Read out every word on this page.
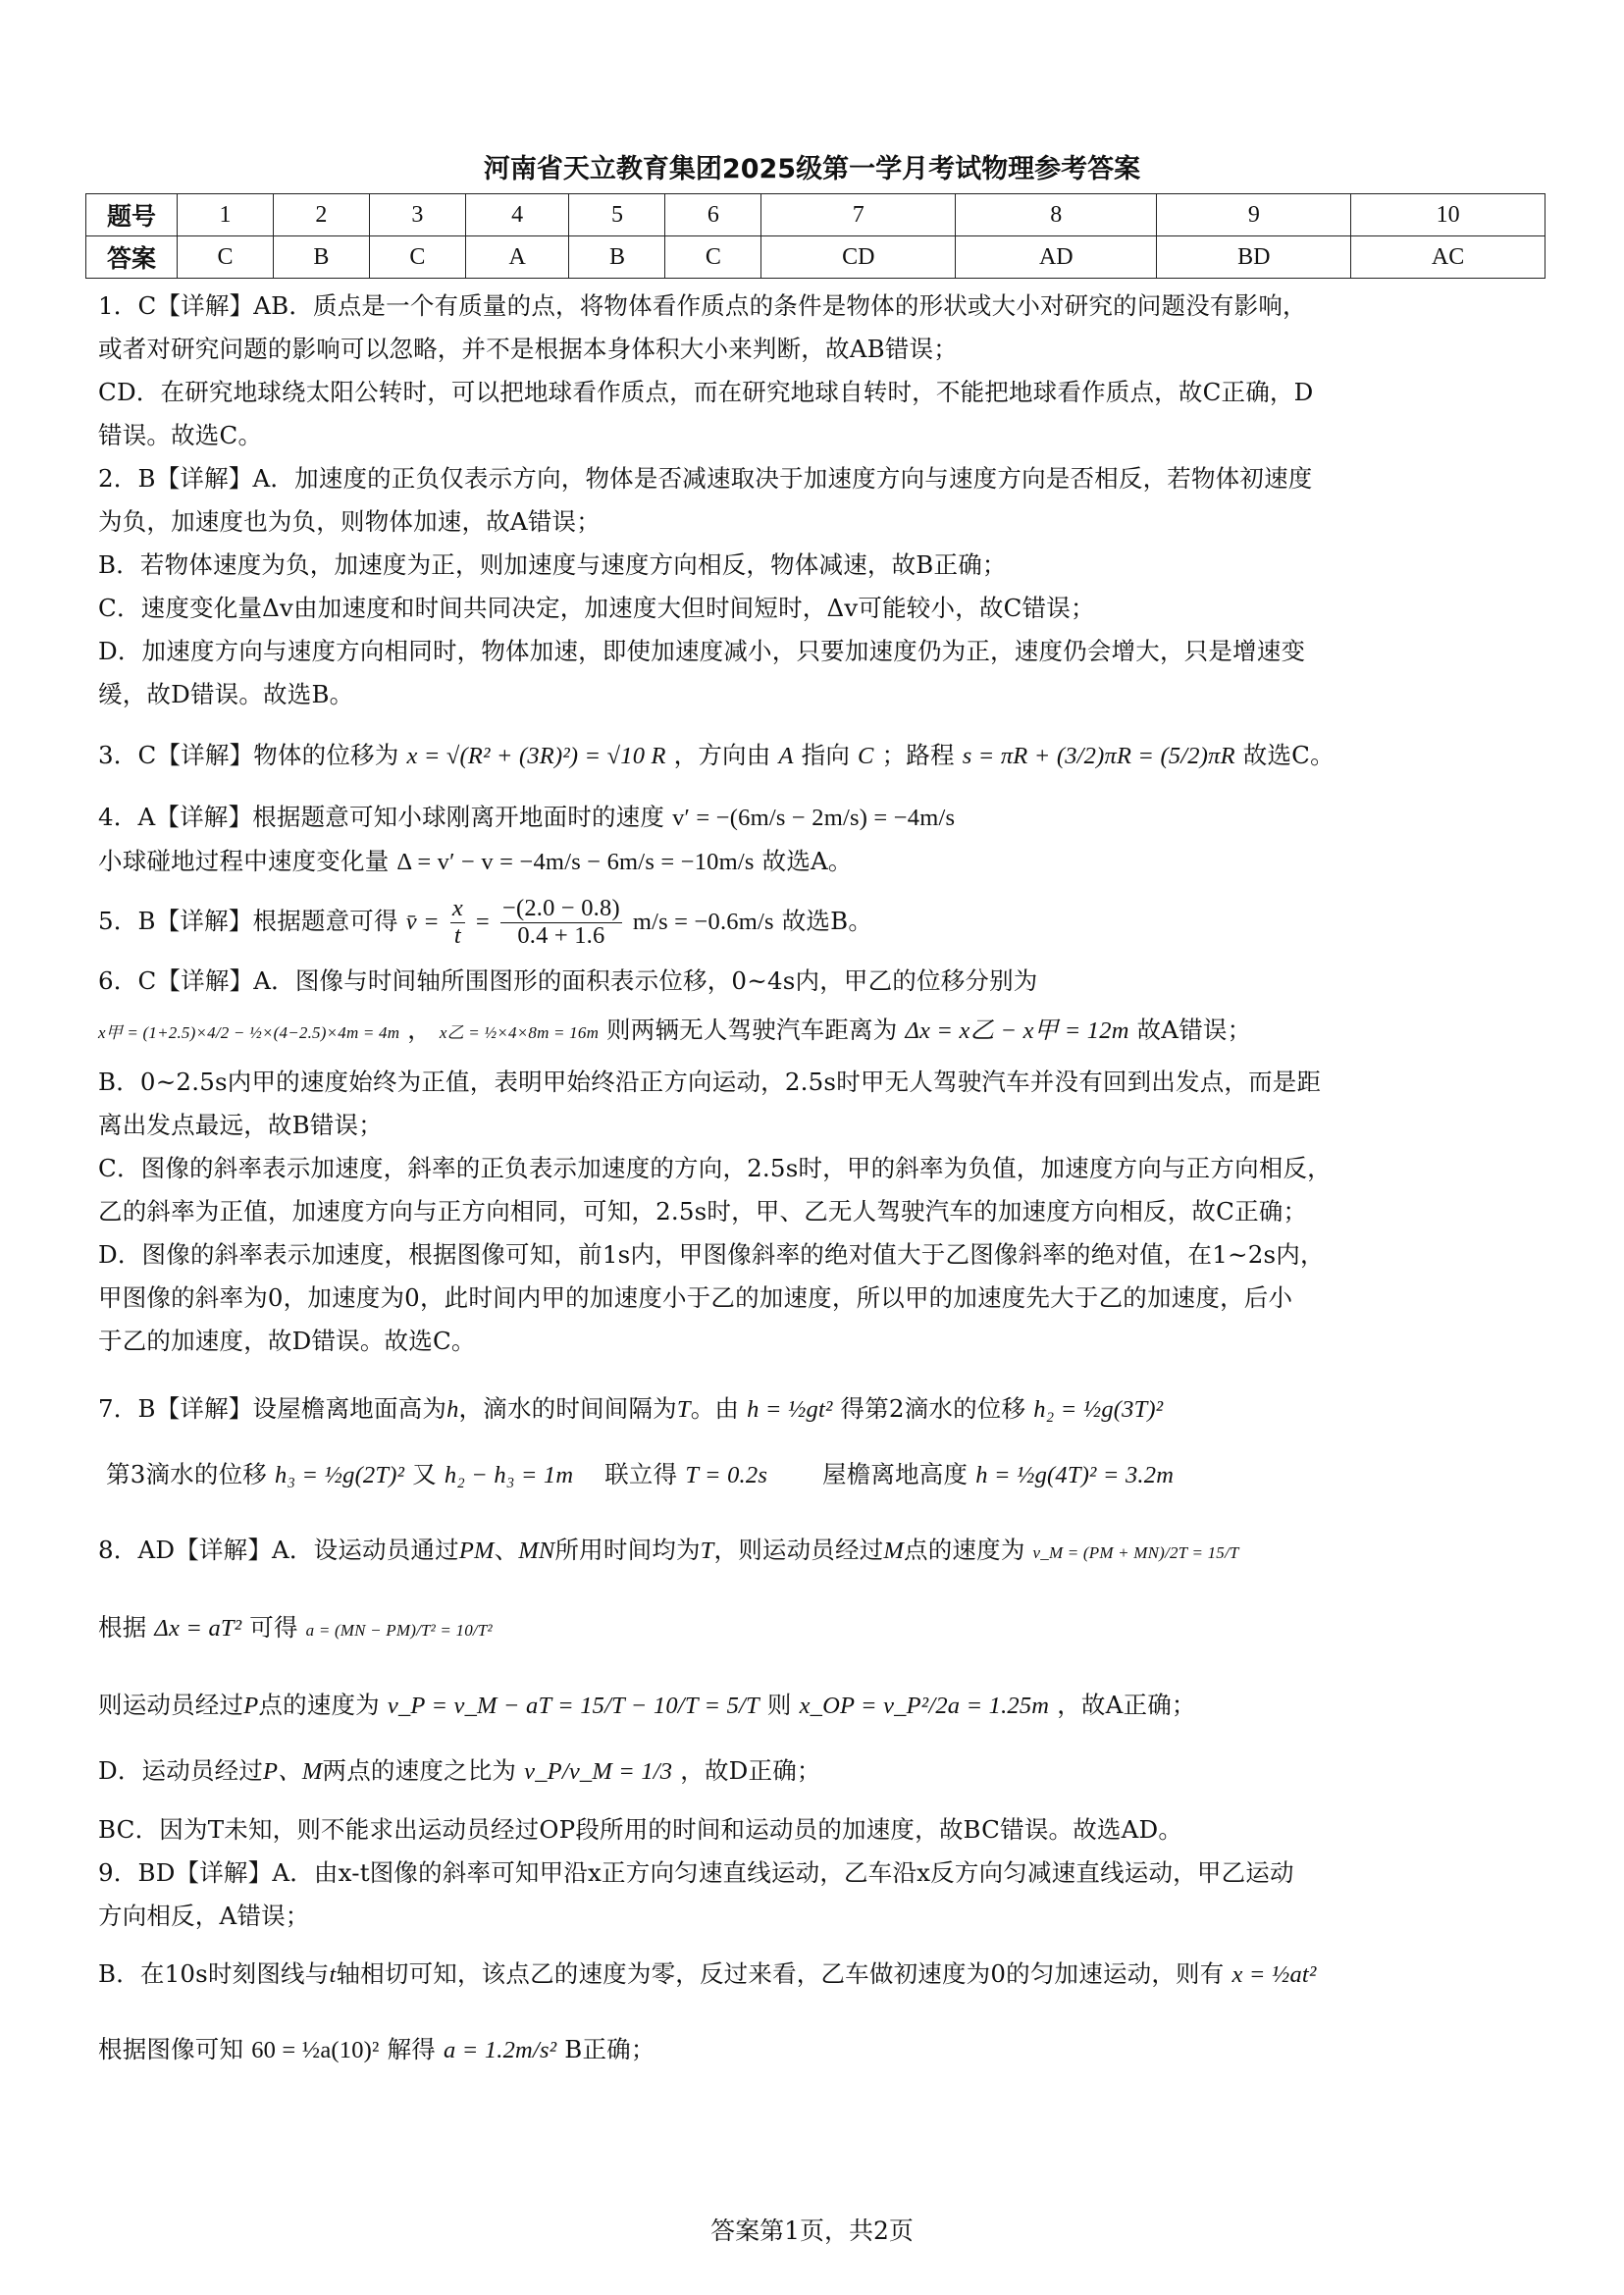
河南省天立教育集团2025级第一学月考试物理参考答案
题号	1	2	3	4	5	6	7	8	9	10
答案	C	B	C	A	B	C	CD	AD	BD	AC

1．C【详解】AB．质点是一个有质量的点，将物体看作质点的条件是物体的形状或大小对研究的问题没有影响，

或者对研究问题的影响可以忽略，并不是根据本身体积大小来判断，故AB错误；

CD．在研究地球绕太阳公转时，可以把地球看作质点，而在研究地球自转时，不能把地球看作质点，故C正确，D

错误。故选C。

2．B【详解】A．加速度的正负仅表示方向，物体是否减速取决于加速度方向与速度方向是否相反，若物体初速度

为负，加速度也为负，则物体加速，故A错误；

B．若物体速度为负，加速度为正，则加速度与速度方向相反，物体减速，故B正确；

C．速度变化量Δv由加速度和时间共同决定，加速度大但时间短时，Δv可能较小，故C错误；

D．加速度方向与速度方向相同时，物体加速，即使加速度减小，只要加速度仍为正，速度仍会增大，只是增速变

缓，故D错误。故选B。

3．C【详解】物体的位移为 x = √(R² + (3R)²) = √10 R ，方向由 A 指向 C ；路程 s = πR + (3/2)πR = (5/2)πR 故选C。

4．A【详解】根据题意可知小球刚离开地面时的速度 v′ = −(6m/s − 2m/s) = −4m/s

小球碰地过程中速度变化量 Δ = v′ − v = −4m/s − 6m/s = −10m/s 故选A。

5．B【详解】根据题意可得 v̄ = $\frac{x}{t} = \frac{-(2.0 - 0.8)}{0.4 + 1.6} m/s = -0.6m/s$ 故选B。

6．C【详解】A．图像与时间轴所围图形的面积表示位移，0~4s内，甲乙的位移分别为

x甲 = (1+2.5)×4/2 − ½×(4−2.5)×4m = 4m ， x乙 = ½×4×8m = 16m 则两辆无人驾驶汽车距离为 Δx = x乙 − x甲 = 12m 故A错误；

B．0~2.5s内甲的速度始终为正值，表明甲始终沿正方向运动，2.5s时甲无人驾驶汽车并没有回到出发点，而是距

离出发点最远，故B错误；

C．图像的斜率表示加速度，斜率的正负表示加速度的方向，2.5s时，甲的斜率为负值，加速度方向与正方向相反，

乙的斜率为正值，加速度方向与正方向相同，可知，2.5s时，甲、乙无人驾驶汽车的加速度方向相反，故C正确；

D．图像的斜率表示加速度，根据图像可知，前1s内，甲图像斜率的绝对值大于乙图像斜率的绝对值，在1~2s内，

甲图像的斜率为0，加速度为0，此时间内甲的加速度小于乙的加速度，所以甲的加速度先大于乙的加速度，后小

于乙的加速度，故D错误。故选C。

7．B【详解】设屋檐离地面高为h，滴水的时间间隔为T。由 h = ½gt² 得第2滴水的位移 h₂ = ½g(3T)²

第3滴水的位移 h₃ = ½g(2T)² 又 h₂ − h₃ = 1m 联立得 T = 0.2s 屋檐离地高度 h = ½g(4T)² = 3.2m

8．AD【详解】A．设运动员通过PM、MN所用时间均为T，则运动员经过M点的速度为 v_M = (PM + MN)/2T = 15/T

根据 Δx = aT² 可得 a = (MN − PM)/T² = 10/T²

则运动员经过P点的速度为 v_P = v_M − aT = 15/T − 10/T = 5/T 则 x_OP = v_P²/2a = 1.25m ，故A正确；

D．运动员经过P、M两点的速度之比为 v_P/v_M = 1/3 ，故D正确；

BC．因为T未知，则不能求出运动员经过OP段所用的时间和运动员的加速度，故BC错误。故选AD。

9．BD【详解】A．由x-t图像的斜率可知甲沿x正方向匀速直线运动，乙车沿x反方向匀减速直线运动，甲乙运动

方向相反，A错误；

B．在10s时刻图线与t轴相切可知，该点乙的速度为零，反过来看，乙车做初速度为0的匀加速运动，则有 x = ½at²

根据图像可知 60 = ½a(10)² 解得 a = 1.2m/s² B正确；

答案第1页，共2页
